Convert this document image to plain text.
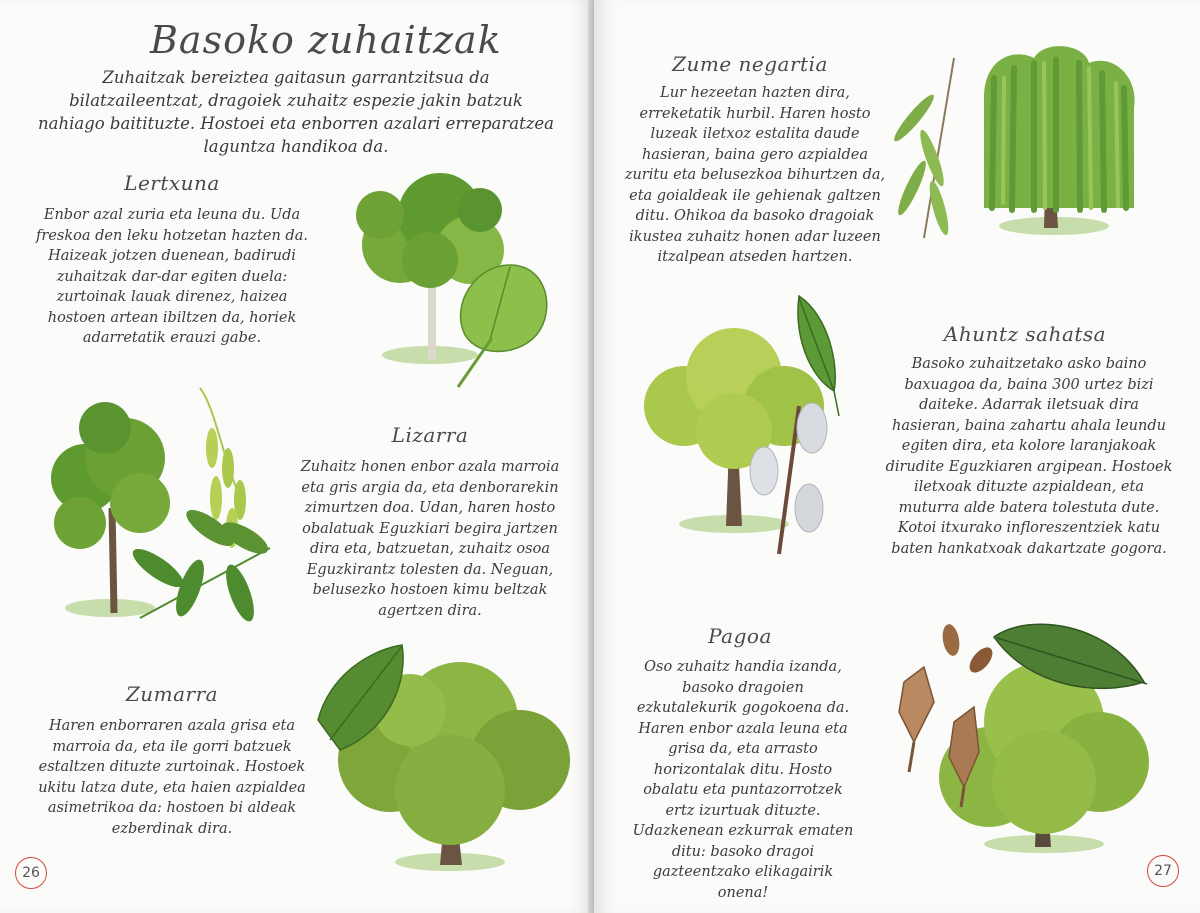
Basoko zuhaitzak
Zuhaitzak bereiztea gaitasun garrantzitsua da bilatzaileentzat, dragoiek zuhaitz espezie jakin batzuk nahiago baitituzte. Hostoei eta enborren azalari erreparatzea laguntza handikoa da.
Lertxuna
Enbor azal zuria eta leuna du. Uda freskoa den leku hotzetan hazten da. Haizeak jotzen duenean, badirudi zuhaitzak dar-dar egiten duela: zurtoinak lauak direnez, haizea hostoen artean ibiltzen da, horiek adarretatik erauzi gabe.
Lizarra
Zuhaitz honen enbor azala marroia eta gris argia da, eta denborarekin zimurtzen doa. Udan, haren hosto obalatuak Eguzkiari begira jartzen dira eta, batzuetan, zuhaitz osoa Eguzkirantz tolesten da. Neguan, belusezko hostoen kimu beltzak agertzen dira.
Zumarra
Haren enborraren azala grisa eta marroia da, eta ile gorri batzuek estaltzen dituzte zurtoinak. Hostoek ukitu latza dute, eta haien azpialdea asimetrikoa da: hostoen bi aldeak ezberdinak dira.
26
Zume negartia
Lur hezeetan hazten dira, erreketatik hurbil. Haren hosto luzeak iletxoz estalita daude hasieran, baina gero azpialdea zuritu eta belusezkoa bihurtzen da, eta goialdeak ile gehienak galtzen ditu. Ohikoa da basoko dragoiak ikustea zuhaitz honen adar luzeen itzalpean atseden hartzen.
Ahuntz sahatsa
Basoko zuhaitzetako asko baino baxuagoa da, baina 300 urtez bizi daiteke. Adarrak iletsuak dira hasieran, baina zahartu ahala leundu egiten dira, eta kolore laranjakoak dirudite Eguzkiaren argipean. Hostoek iletxoak dituzte azpialdean, eta muturra alde batera tolestuta dute. Kotoi itxurako infloreszentziek katu baten hankatxoak dakartzate gogora.
Pagoa
Oso zuhaitz handia izanda, basoko dragoien ezkutalekurik gogokoena da. Haren enbor azala leuna eta grisa da, eta arrasto horizontalak ditu. Hosto obalatu eta puntazorrotzek ertz izurtuak dituzte. Udazkenean ezkurrak ematen ditu: basoko dragoi gazteentzako elikagairik onena!
27
